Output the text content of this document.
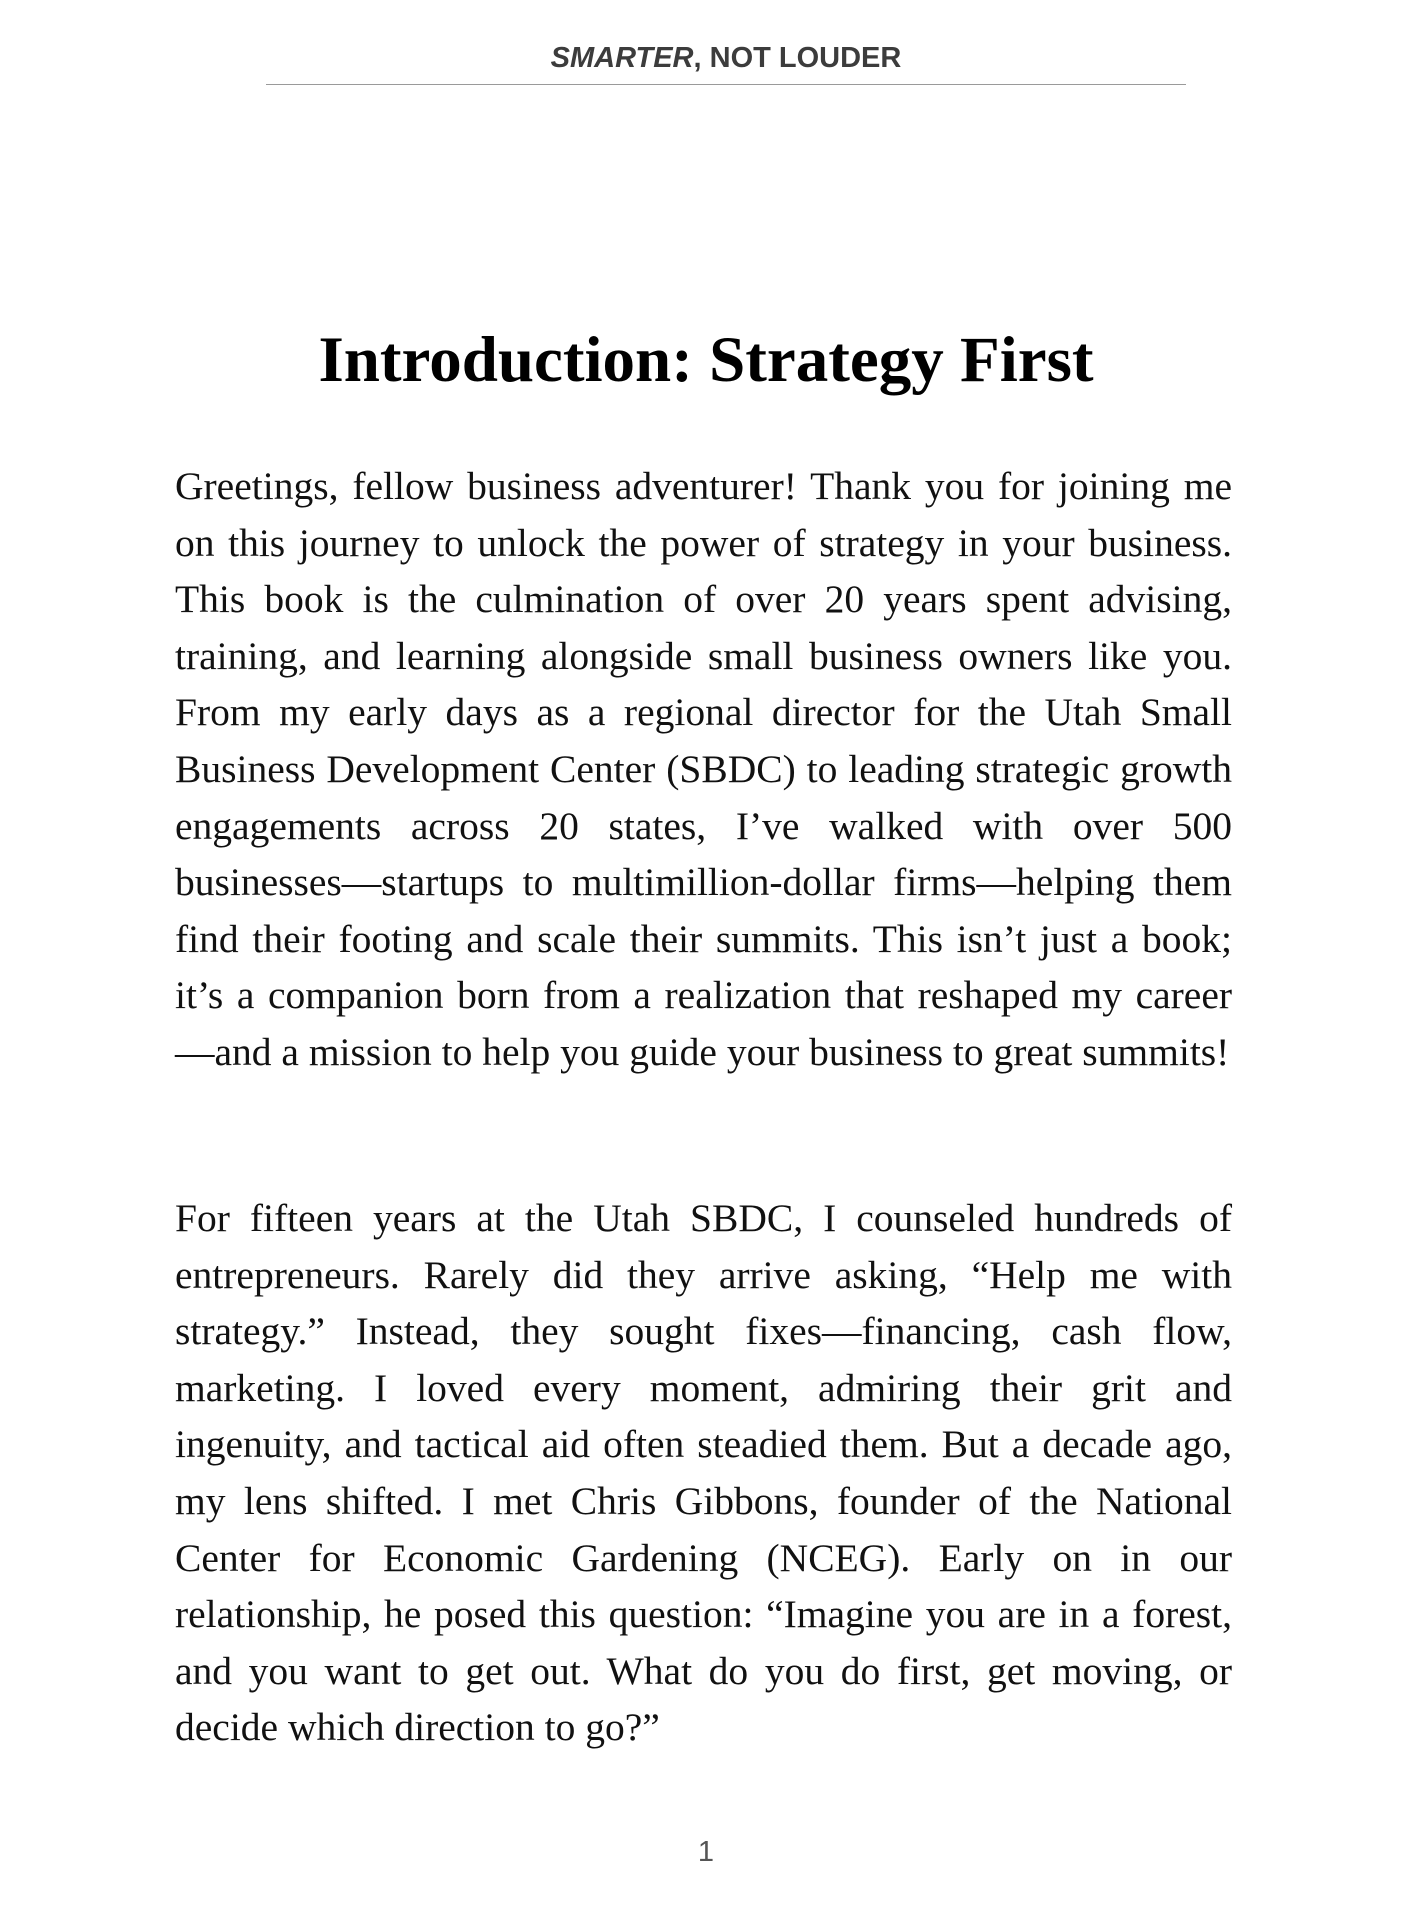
SMARTER, NOT LOUDER
Introduction: Strategy First

Greetings, fellow business adventurer! Thank you for joining me on this journey to unlock the power of strategy in your business. This book is the culmination of over 20 years spent advising, training, and learning alongside small business owners like you. From my early days as a regional director for the Utah Small Business Development Center (SBDC) to leading strategic growth engagements across 20 states, I’ve walked with over 500 businesses—startups to multimillion-dollar firms—helping them find their footing and scale their summits. This isn’t just a book; it’s a companion born from a realization that reshaped my career—and a mission to help you guide your business to great summits!

For fifteen years at the Utah SBDC, I counseled hundreds of entrepreneurs. Rarely did they arrive asking, “Help me with strategy.” Instead, they sought fixes—financing, cash flow, marketing. I loved every moment, admiring their grit and ingenuity, and tactical aid often steadied them. But a decade ago, my lens shifted. I met Chris Gibbons, founder of the National Center for Economic Gardening (NCEG). Early on in our relationship, he posed this question: “Imagine you are in a forest, and you want to get out. What do you do first, get moving, or decide which direction to go?”

1
